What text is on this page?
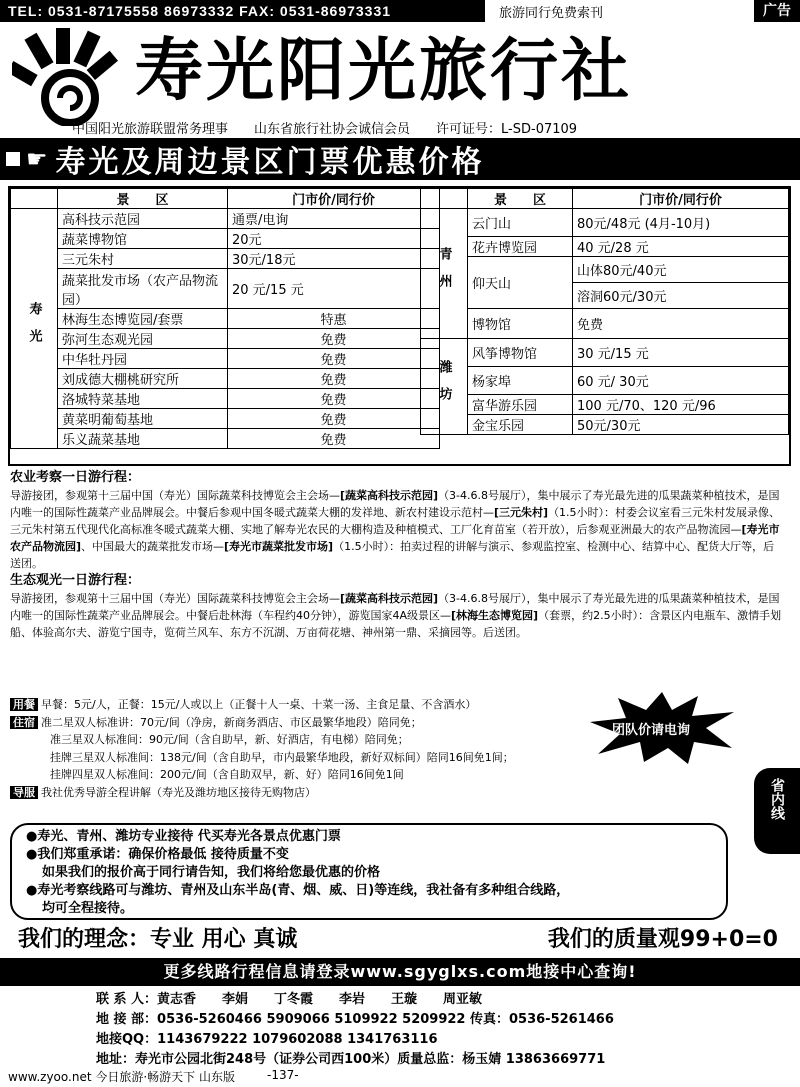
TEL: 0531-87175558 86973332 FAX: 0531-86973331	旅游同行免费索刊	广告
寿光阳光旅行社
中国阳光旅游联盟常务理事 山东省旅行社协会诚信会员 许可证号：L-SD-07109
☛ 寿光及周边景区门票优惠价格
	景　　区	门市价/同行价
寿光	高科技示范园	通票/电询
	蔬菜博物馆	20元
	三元朱村	30元/18元
	蔬菜批发市场（农产品物流园）	20 元/15 元
	林海生态博览园/套票	特惠
	弥河生态观光园	免费
	中华牡丹园	免费
	刘成德大棚桃研究所	免费
	洛城特菜基地	免费
	黄菜明葡萄基地	免费
	乐义蔬菜基地	免费
	景　　区	门市价/同行价
青州	云门山	80元/48元 (4月-10月)
	花卉博览园	40 元/28 元
	仰天山	山体80元/40元
		溶洞60元/30元
	博物馆	免费
潍坊	风筝博物馆	30 元/15 元
	杨家埠	60 元/ 30元
	富华游乐园	100 元/70、120 元/96
	金宝乐园	50元/30元
农业考察一日游行程：

导游接团，参观第十三届中国（寿光）国际蔬菜科技博览会主会场—[蔬菜高科技示范园]（3-4.6.8号展厅），集中展示了寿光最先进的瓜果蔬菜种植技术，是国内唯一的国际性蔬菜产业品牌展会。中餐后参观中国冬暖式蔬菜大棚的发祥地、新农村建设示范村—[三元朱村]（1.5小时）：村委会议室看三元朱村发展录像、三元朱村第五代现代化高标准冬暖式蔬菜大棚、实地了解寿光农民的大棚构造及种植模式、工厂化育苗室（若开放），后参观亚洲最大的农产品物流园—[寿光市农产品物流园]、中国最大的蔬菜批发市场—[寿光市蔬菜批发市场]（1.5小时）：拍卖过程的讲解与演示、参观监控室、检测中心、结算中心、配货大厅等，后送团。

生态观光一日游行程：

导游接团，参观第十三届中国（寿光）国际蔬菜科技博览会主会场—[蔬菜高科技示范园]（3-4.6.8号展厅），集中展示了寿光最先进的瓜果蔬菜种植技术，是国内唯一的国际性蔬菜产业品牌展会。中餐后赴林海（车程约40分钟），游览国家4A级景区—[林海生态博览园]（套票，约2.5小时）：含景区内电瓶车、激情手划船、体验高尔夫、游览宁国寺，览荷兰风车、东方不沉湖、万亩荷花塘、神州第一鼎、采摘园等。后送团。

用餐 早餐：5元/人，正餐：15元/人或以上（正餐十人一桌、十菜一汤、主食足量、不含酒水）
住宿 准二星双人标准讲：70元/间（净房，新商务酒店、市区最繁华地段）陪同免；
准三星双人标准间：90元/间（含自助早，新、好酒店，有电梯）陪同免；
挂牌三星双人标准间：138元/间（含自助早，市内最繁华地段，新好双标间）陪同16间免1间；
挂牌四星双人标准间：200元/间（含自助双早，新、好）陪同16间免1间
导服 我社优秀导游全程讲解（寿光及潍坊地区接待无购物店）
团队价请电询
省内线
●寿光、青州、潍坊专业接待 代买寿光各景点优惠门票
●我们郑重承诺：确保价格最低 接待质量不变
如果我们的报价高于同行请告知，我们将给您最优惠的价格
●寿光考察线路可与潍坊、青州及山东半岛(青、烟、威、日)等连线，我社备有多种组合线路，
均可全程接待。
我们的理念：专业 用心 真诚	我们的质量观99+0=0
更多线路行程信息请登录www.sgyglxs.com地接中心查询!
联 系 人：黄志香　　李娟　　丁冬霞　　李岩　　王璇　　周亚敏
地 接 部：0536-5260466 5909066 5109922 5209922 传真：0536-5261466
地接QQ：1143679222 1079602088 1341763116
地址：寿光市公园北街248号（证券公司西100米）质量总监：杨玉婧 13863669771
www.zyoo.net 今日旅游·畅游天下 山东版	-137-
